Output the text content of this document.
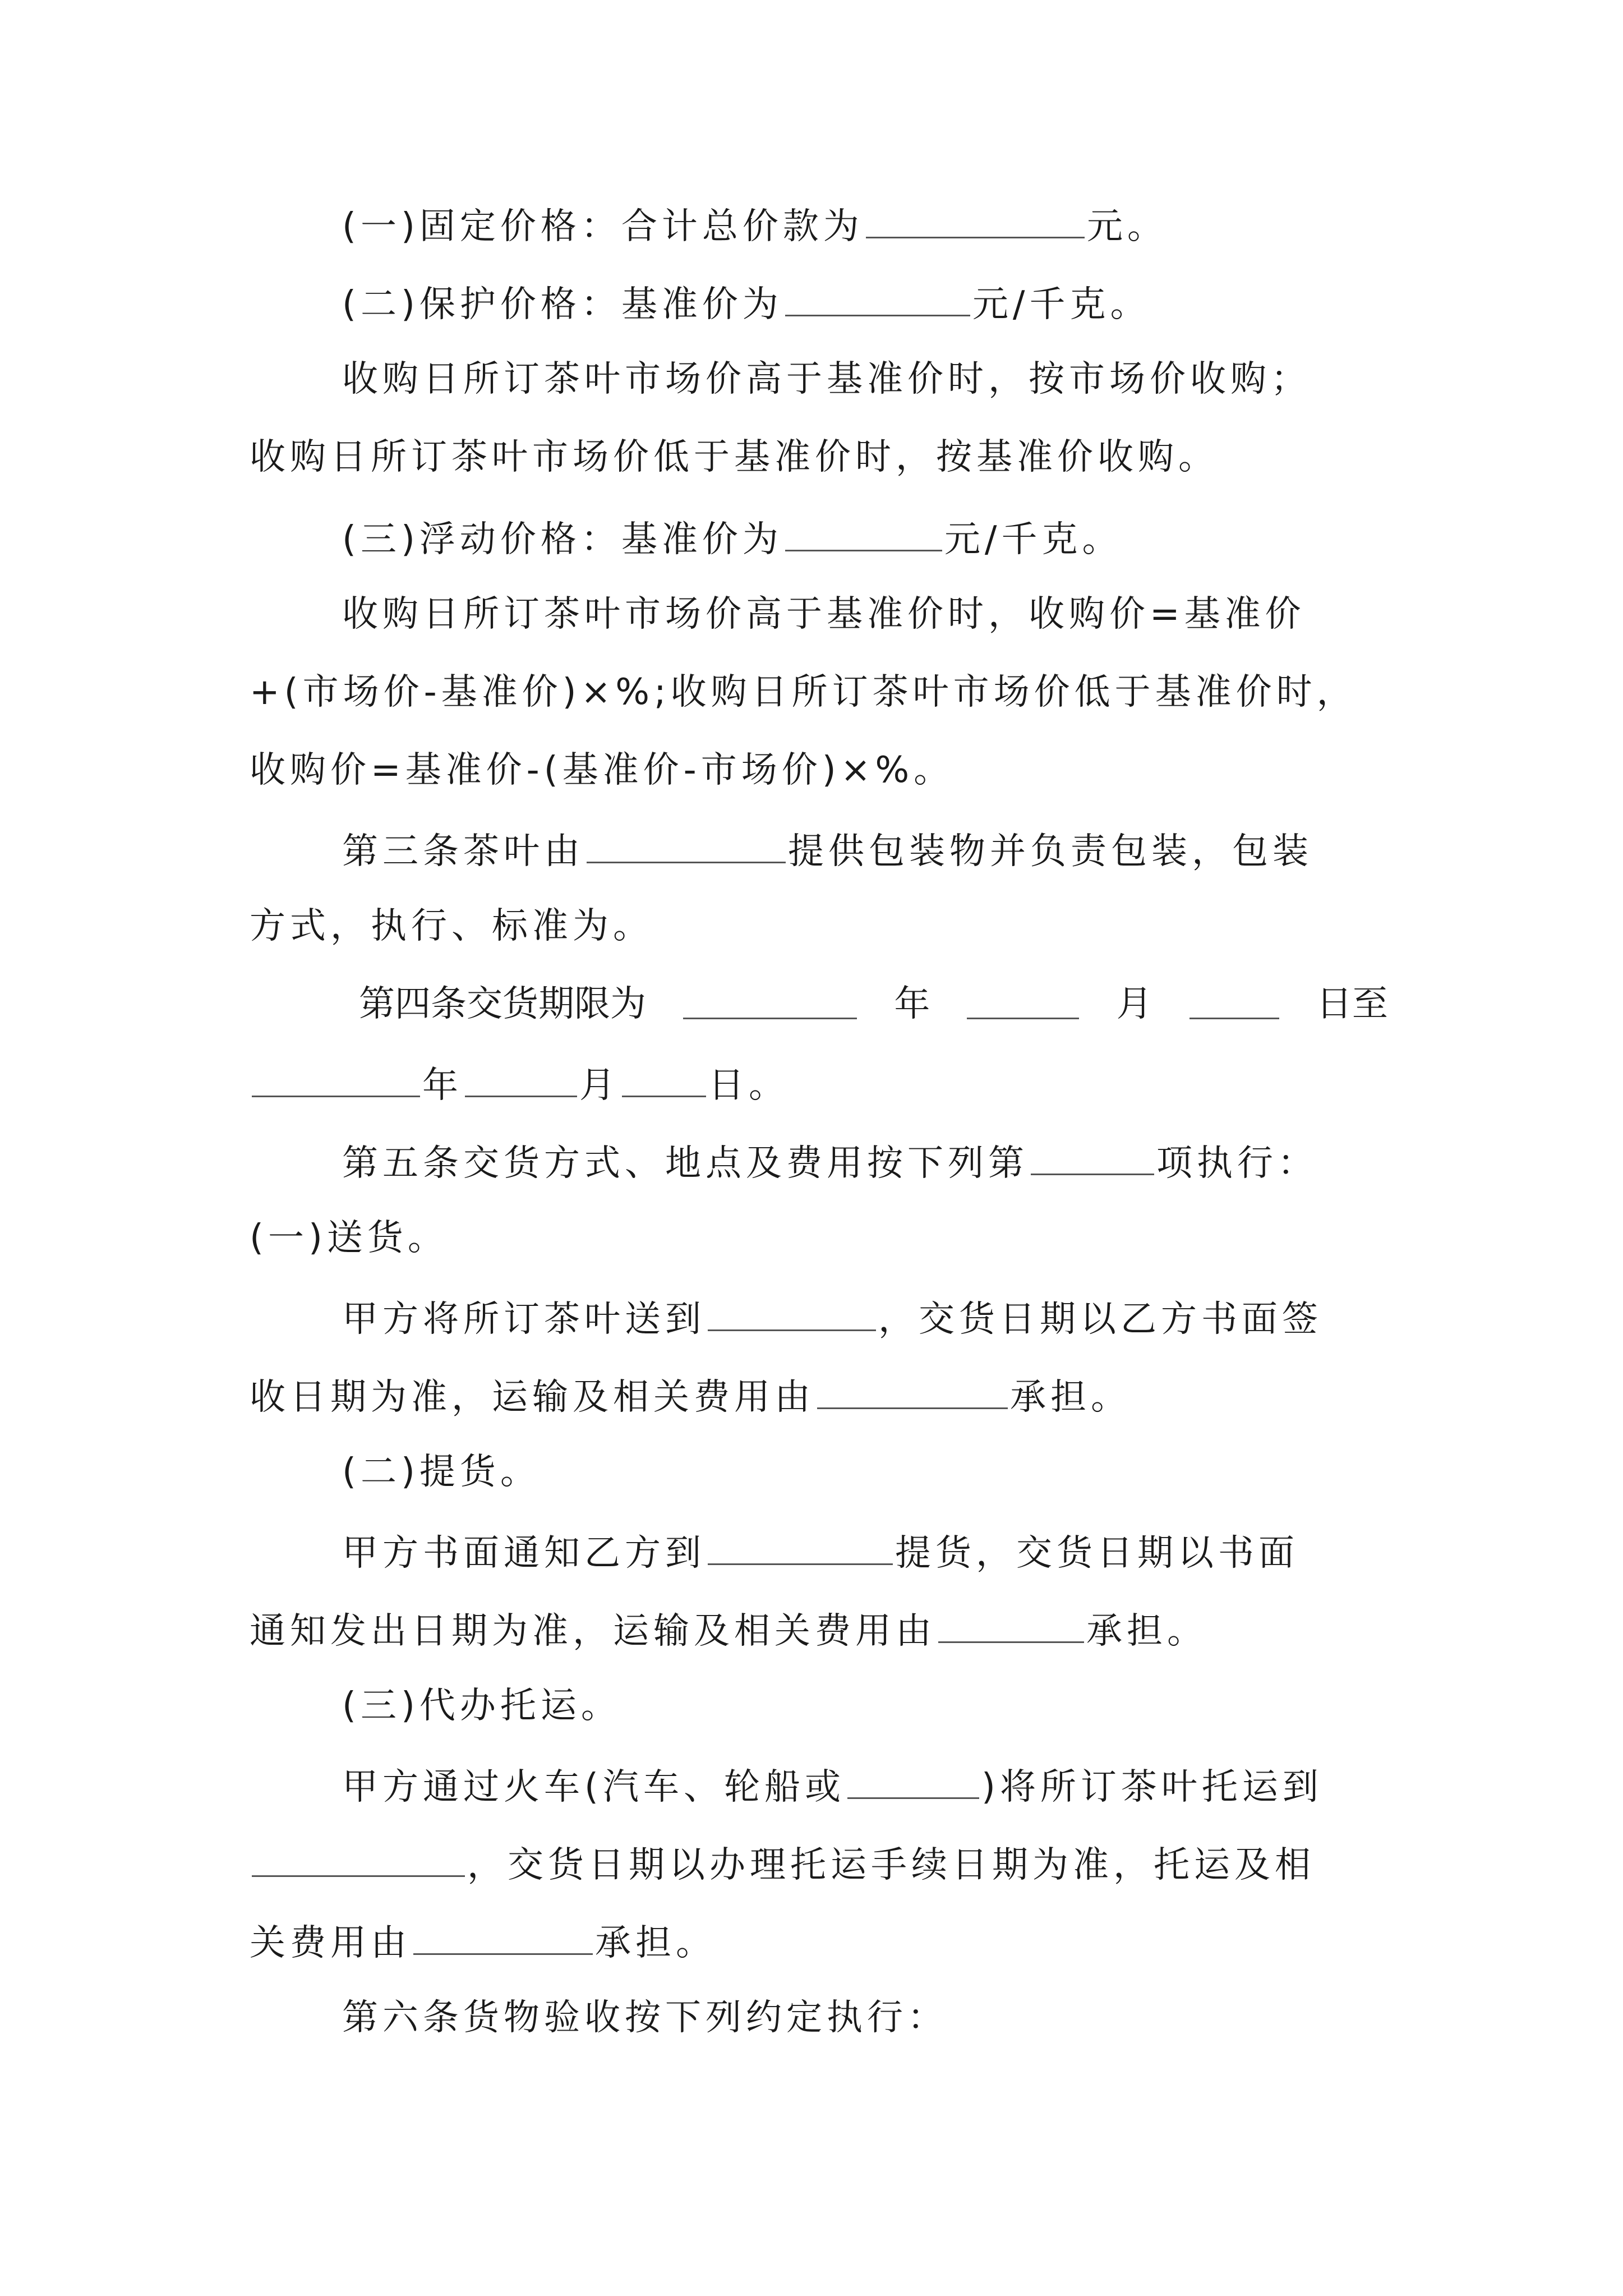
(一)固定价格：合计总价款为	元。
(二)保护价格：基准价为	元/千克。
收购日所订茶叶市场价高于基准价时，按市场价收购；
收购日所订茶叶市场价低于基准价时，按基准价收购。
(三)浮动价格：基准价为	元/千克。
收购日所订茶叶市场价高于基准价时，收购价=基准价
+(市场价-基准价)×%;收购日所订茶叶市场价低于基准价时，
收购价=基准价-(基准价-市场价)×%。
第三条茶叶由	提供包装物并负责包装，包装
方式，执行、标准为。
第四条交货期限为	年	月	日至
年	月 日。
第五条交货方式、地点及费用按下列第	项执行：
(一)送货。
甲方将所订茶叶送到	，交货日期以乙方书面签
收日期为准，运输及相关费用由	承担。
(二)提货。
甲方书面通知乙方到	提货，交货日期以书面
通知发出日期为准，运输及相关费用由	承担。
(三)代办托运。
甲方通过火车(汽车、轮船或	)将所订茶叶托运到
，交货日期以办理托运手续日期为准，托运及相
关费用由	承担。
第六条货物验收按下列约定执行：
